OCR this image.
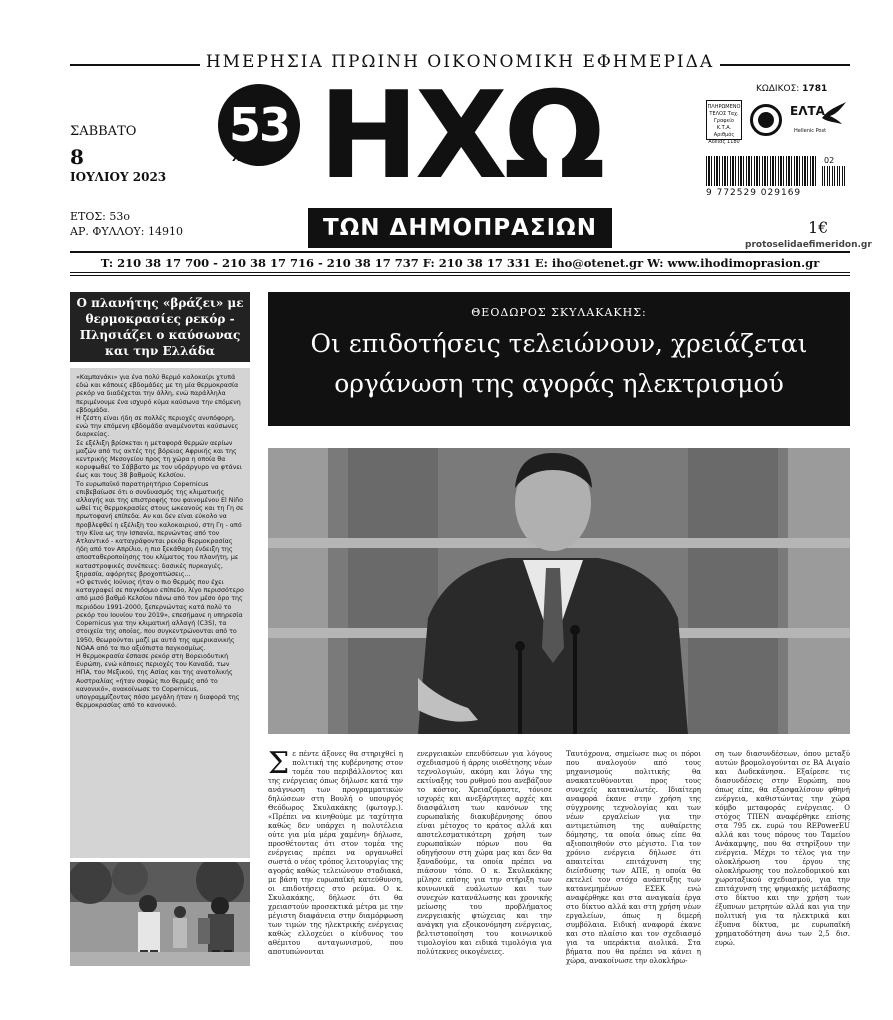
ΗΜΕΡΗΣΙΑ ΠΡΩΙΝΗ ΟΙΚΟΝΟΜΙΚΗ ΕΦΗΜΕΡΙΔΑ
ΣΑΒΒΑΤΟ
8
ΙΟΥΛΙΟΥ 2023
ΕΤΟΣ: 53ο
ΑΡ. ΦΥΛΛΟΥ: 14910
53
ΧΡΟΝΙΑ ΗΧΩ
ΤΩΝ ΔΗΜΟΠΡΑΣΙΩΝ
ΚΩΔΙΚΟΣ: 1781
ΠΛΗΡΩΜΕΝΟ ΤΕΛΟΣ Ταχ. Γραφείο Κ.Τ.Α. Αριθμός Άδειας 1180
ΕΛΤΑ
Hellenic Post
9 772529 029169
02
1€
protoselidaefimeridon.gr
T: 210 38 17 700 - 210 38 17 716 - 210 38 17 737 F: 210 38 17 331 E: iho@otenet.gr W: www.ihodimoprasion.gr
Ο πλανήτης «βράζει» με θερμοκρασίες ρεκόρ - Πλησιάζει ο καύσωνας και την Ελλάδα

«Καμπανάκι» για ένα πολύ θερμό καλοκαίρι χτυπά εδώ και κάποιες εβδομάδες με τη μία θερμοκρασία ρεκόρ να διαδέχεται την άλλη, ενώ παράλληλα περιμένουμε ένα ισχυρό κύμα καύσωνα την επόμενη εβδομάδα.

Η ζέστη είναι ήδη σε πολλές περιοχές ανυπόφορη, ενώ την επόμενη εβδομάδα αναμένονται καύσωνες διαρκείας.

Σε εξέλιξη βρίσκεται η μεταφορά θερμών αερίων μαζών από τις ακτές της βόρειας Αφρικής και της κεντρικής Μεσογείου προς τη χώρα η οποία θα κορυφωθεί το Σάββατο με τον υδράργυρο να φτάνει έως και τους 38 βαθμούς Κελσίου.

Το ευρωπαϊκό παρατηρητήριο Copernicus επιβεβαίωσε ότι ο συνδυασμός της κλιματικής αλλαγής και της επιστροφής του φαινομένου El Niño ωθεί τις θερμοκρασίες στους ωκεανούς και τη Γη σε πρωτοφανή επίπεδα. Αν και δεν είναι εύκολο να προβλεφθεί η εξέλιξη του καλοκαιριού, στη Γη - από την Κίνα ως την Ισπανία, περνώντας από τον Ατλαντικό - καταγράφονται ρεκόρ θερμοκρασίας ήδη από τον Απρίλιο, η πιο ξεκάθαρη ένδειξη της αποσταθεροποίησης του κλίματος του πλανήτη, με καταστροφικές συνέπειες: δασικές πυρκαγιές, ξηρασία, αφόρητες βροχοπτώσεις...

«Ο φετινός Ιούνιος ήταν ο πιο θερμός που έχει καταγραφεί σε παγκόσμιο επίπεδο, λίγο περισσότερο από μισό βαθμό Κελσίου πάνω από τον μέσο όρο της περιόδου 1991-2000, ξεπερνώντας κατά πολύ το ρεκόρ του Ιουνίου του 2019», επεσήμανε η υπηρεσία Copernicus για την κλιματική αλλαγή (C3S), τα στοιχεία της οποίας, που συγκεντρώνονται από το 1950, θεωρούνται μαζί με αυτά της αμερικανικής NOAA από τα πιο αξιόπιστα παγκοσμίως.

Η θερμοκρασία έσπασε ρεκόρ στη Βορειοδυτική Ευρώπη, ενώ κάποιες περιοχές του Καναδά, των ΗΠΑ, του Μεξικού, της Ασίας και της ανατολικής Αυστραλίας «ήταν σαφώς πιο θερμές από το κανονικό», ανακοίνωσε το Copernicus, υπογραμμίζοντας πόσο μεγάλη ήταν η διαφορά της θερμοκρασίας από το κανονικό.

ΘΕΟΔΩΡΟΣ ΣΚΥΛΑΚΑΚΗΣ:
Οι επιδοτήσεις τελειώνουν, χρειάζεται
οργάνωση της αγοράς ηλεκτρισμού
Σε πέντε άξονες θα στηριχθεί η πολιτική της κυβέρνησης στον τομέα του περιβάλλοντος και της ενέργειας όπως δήλωσε κατά την ανάγνωση των προγραμματικών δηλώσεων στη Βουλή ο υπουργός Θεόδωρος Σκυλακάκης (φωτογρ.). «Πρέπει να κινηθούμε με ταχύτητα καθώς δεν υπάρχει η πολυτέλεια ούτε για μία μέρα χαμένη» δήλωσε, προσθέτοντας ότι στον τομέα της ενέργειας πρέπει να οργανωθεί σωστά ο νέος τρόπος λειτουργίας της αγοράς καθώς τελειώνουν σταδιακά, με βάση την ευρωπαϊκή κατεύθυνση, οι επιδοτήσεις στο ρεύμα. Ο κ. Σκυλακάκης, δήλωσε ότι θα χρειαστούν προσεκτικά μέτρα με την μέγιστη διαφάνεια στην διαμόρφωση των τιμών της ηλεκτρικής ενέργειας καθώς ελλοχεύει ο κίνδυνος του αθέμιτου ανταγωνισμού, που αποτυπώνονται
ενεργειακών επενδύσεων για λόγους σχεδιασμού ή άρρης υιοθέτησης νέων τεχνολογιών, ακόμη και λόγω της εκτίναξης του ρυθμού που ανεβάζουν το κόστος. Χρειαζόμαστε, τόνισε ισχυρές και ανεξάρτητες αρχές και διασφάλιση των κανόνων της ευρωπαϊκής διακυβέρνησης όπου είναι μέτοχος το κράτος αλλά και αποτελεσματικότερη χρήση των ευρωπαϊκών πόρων που θα οδηγήσουν στη χώρα μας και δεν θα ξαναδούμε, τα οποία πρέπει να πιάσουν τόπο. Ο κ. Σκυλακάκης μίλησε επίσης για την στήριξη των κοινωνικά ευάλωτων και των συνεχών κατανάλωσης και χρονικής μείωσης του προβλήματος ενεργειακής φτώχειας και την ανάγκη για εξοικονόμηση ενέργειας, βελτιστοποίηση του κοινωνικού τιμολογίου και ειδικά τιμολόγια για πολύτεκνες οικογένειες.
Ταυτόχρονα, σημείωσε πως οι πόροι που αναλογούν από τους μηχανισμούς πολιτικής θα ανακατευθύνονται προς τους συνεχείς καταναλωτές. Ιδιαίτερη αναφορά έκανε στην χρήση της σύγχρονης τεχνολογίας και των νέων εργαλείων για την αντιμετώπιση της αυθαίρετης δόμησης, τα οποία όπως είπε θα αξιοποιηθούν στο μέγιστο. Για τον χρόνιο ενέργεια δήλωσε ότι απαιτείται επιτάχυνση της διείσδυσης των ΑΠΕ, η οποία θα εκτελεί τον στόχο ανάπτυξης των κατανεμημένων ΕΣΕΚ ενώ αναφέρθηκε και στα αναγκαία έργα στο δίκτυο αλλά και στη χρήση νέων εργαλείων, όπως η διμερή συμβόλαια. Ειδική αναφορά έκανε και στο πλαίσιο και τον σχεδιασμό για τα υπεράκτια αιολικά. Στα βήματα που θα πρέπει να κάνει η χώρα, ανακοίνωσε την ολοκλήρω-
ση των διασυνδέσεων, όπου μεταξύ αυτών βρομολογούνται σε ΒΑ Αιγαίο και Δωδεκάνησα. Εξαίρεσε τις διασυνδέσεις στην Ευρώπη, που όπως είπε, θα εξασφαλίσουν φθηνή ενέργεια, καθιστώντας την χώρα κόμβο μεταφοράς ενέργειας. Ο στόχος ΤΠΕΝ αναφέρθηκε επίσης στα 795 εκ. ευρώ του REPowerEU αλλά και τους πόρους του Ταμείου Ανάκαμψης, που θα στηρίξουν την ενέργεια. Μέχρι το τέλος για την ολοκλήρωση του έργου της ολοκλήρωσης του πολεοδομικού και χωροταξικού σχεδιασμού, για την επιτάχυνση της ψηφιακής μετάβασης στο δίκτυο και την χρήση των έξυπνων μετρητών αλλά και για την πολιτική για τα ηλεκτρικά και έξυπνα δίκτυα, με ευρωπαϊκή χρηματοδότηση άνω των 2,5 δισ. ευρώ.
